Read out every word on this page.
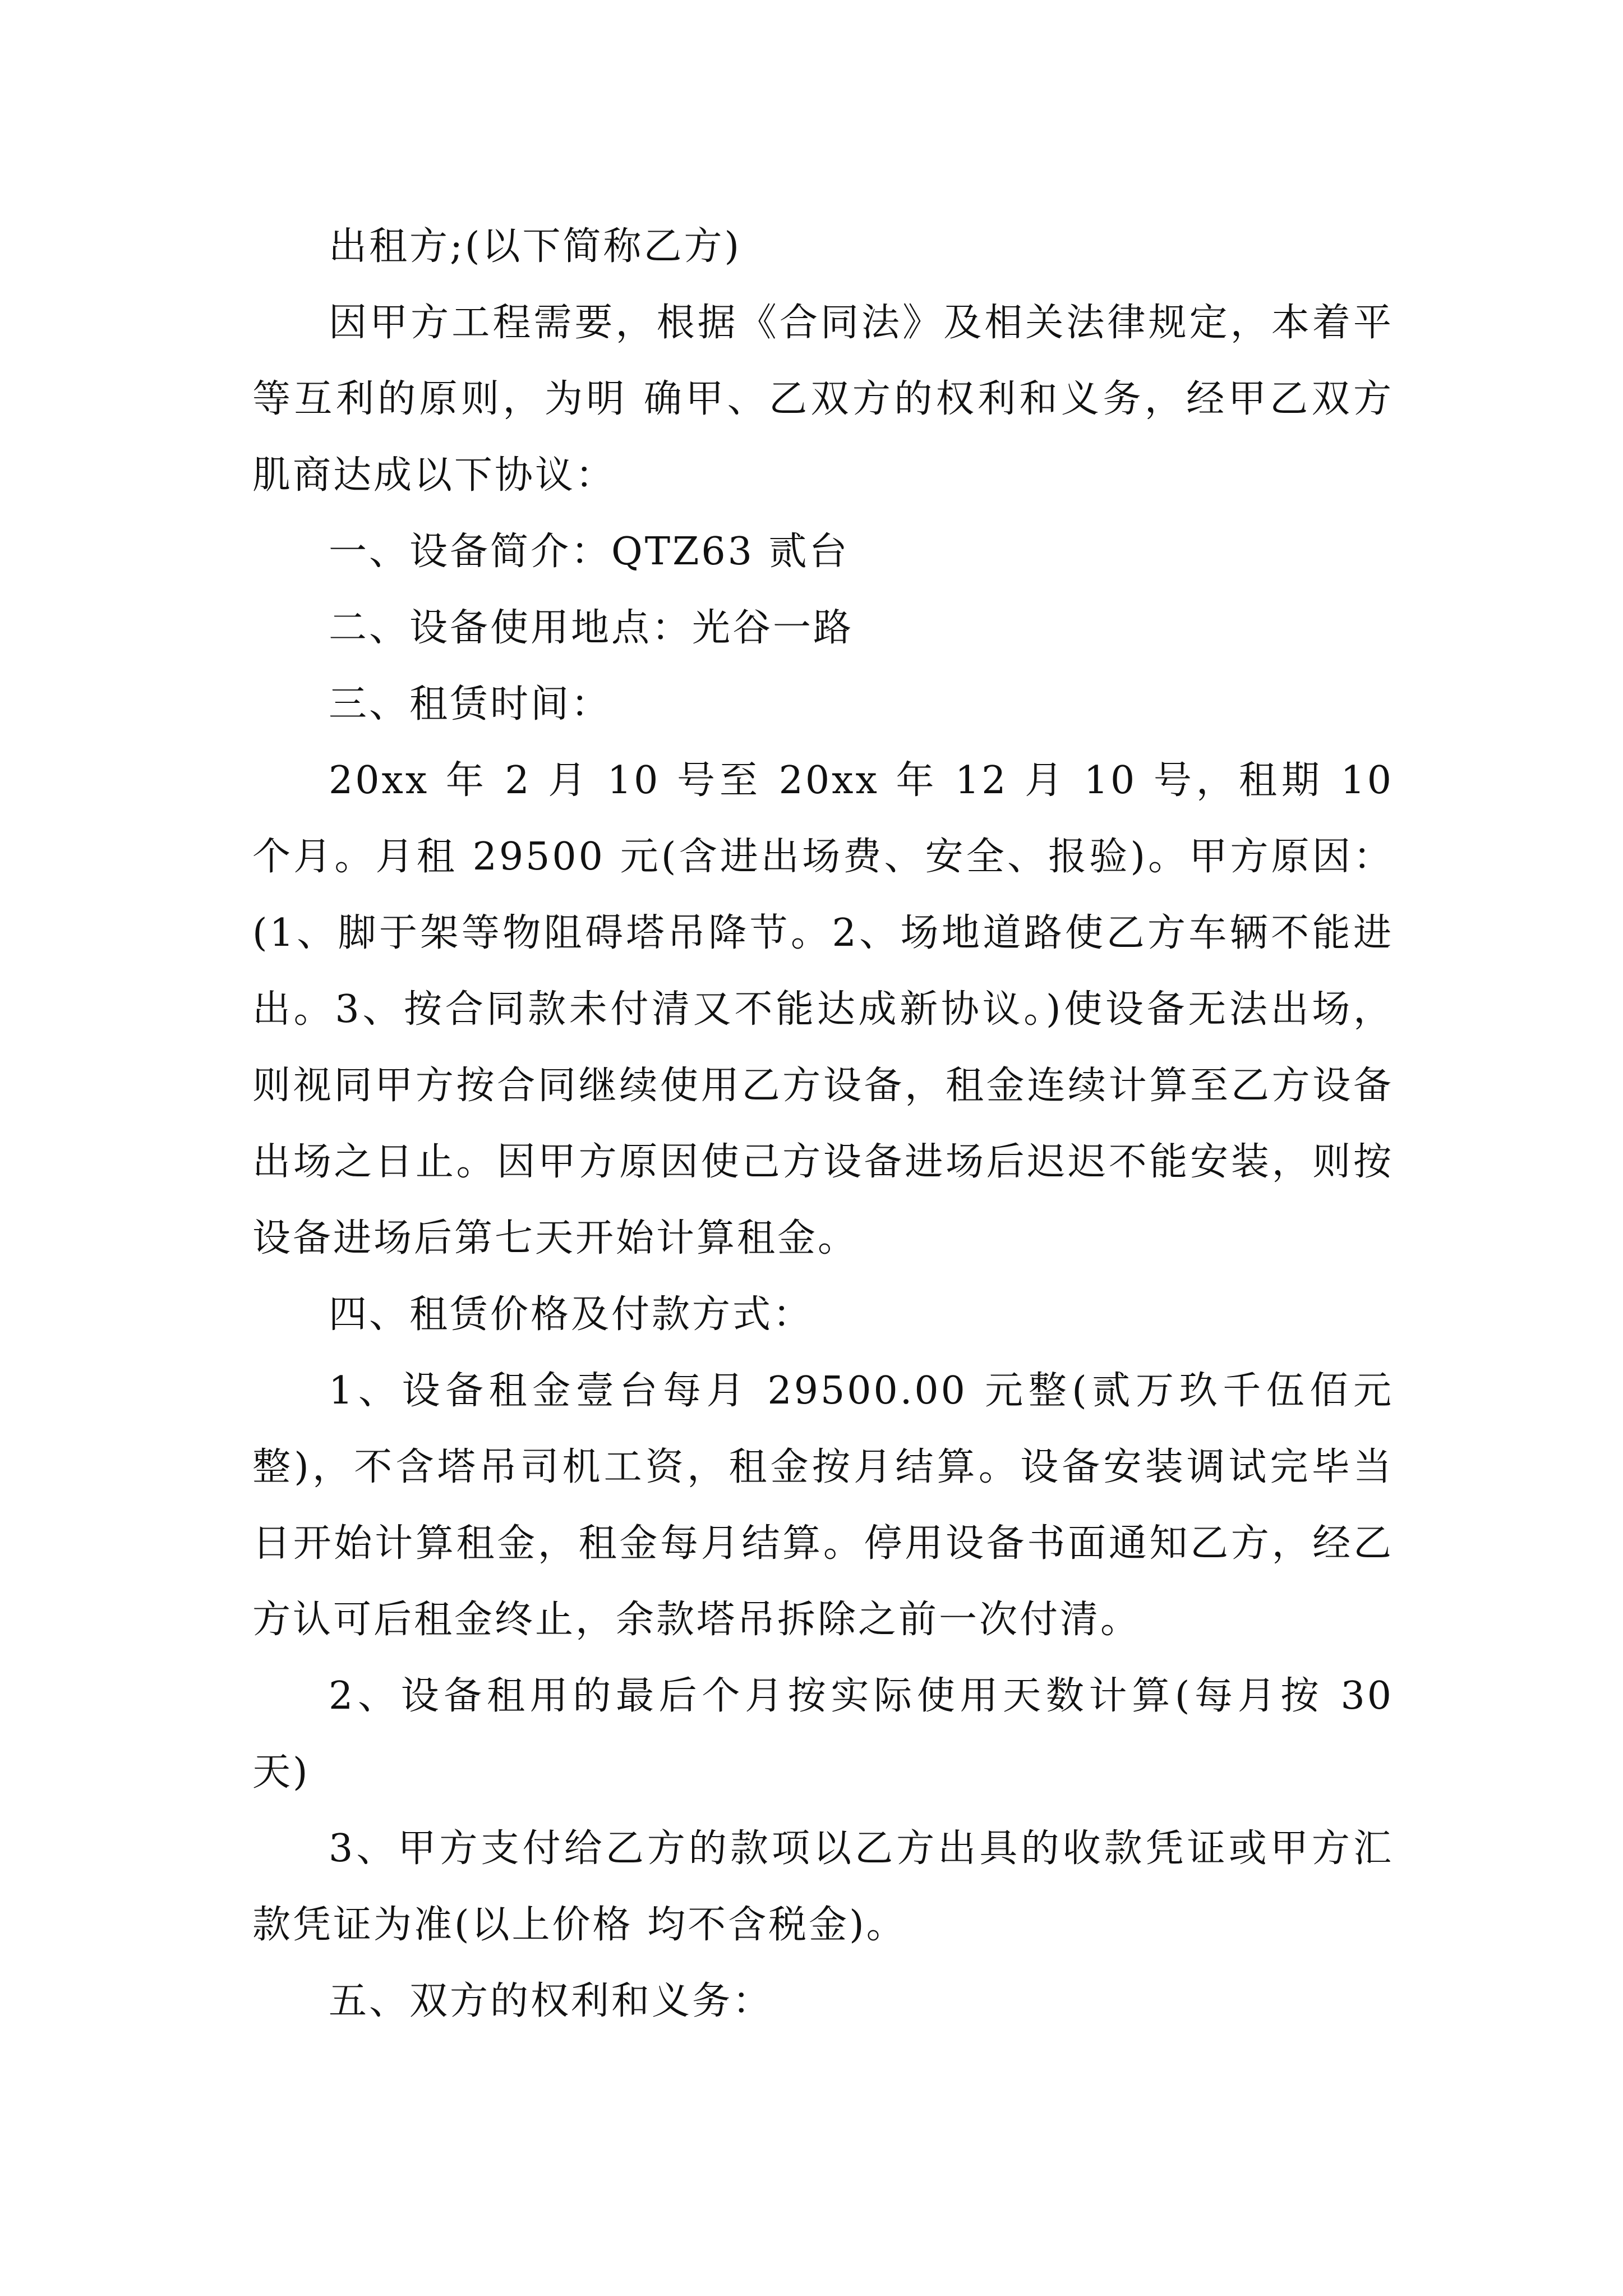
出租方;(以下简称乙方)

因甲方工程需要，根据《合同法》及相关法律规定，本着平等互利的原则，为明 确甲、乙双方的权利和义务，经甲乙双方肌商达成以下协议：

一、设备简介：QTZ63 贰台

二、设备使用地点：光谷一路

三、租赁时间：

20xx 年 2 月 10 号至 20xx 年 12 月 10 号，租期 10 个月。月租 29500 元(含进出场费、安全、报验)。甲方原因：(1、脚于架等物阻碍塔吊降节。2、场地道路使乙方车辆不能进出。3、按合同款未付清又不能达成新协议。)使设备无法出场，则视同甲方按合同继续使用乙方设备，租金连续计算至乙方设备出场之日止。因甲方原因使己方设备进场后迟迟不能安装，则按设备进场后第七天开始计算租金。

四、租赁价格及付款方式：

1、设备租金壹台每月 29500.00 元整(贰万玖千伍佰元整)，不含塔吊司机工资，租金按月结算。设备安装调试完毕当日开始计算租金，租金每月结算。停用设备书面通知乙方，经乙方认可后租金终止，余款塔吊拆除之前一次付清。

2、设备租用的最后个月按实际使用天数计算(每月按 30 天)

3、甲方支付给乙方的款项以乙方出具的收款凭证或甲方汇款凭证为准(以上价格 均不含税金)。

五、双方的权利和义务：
